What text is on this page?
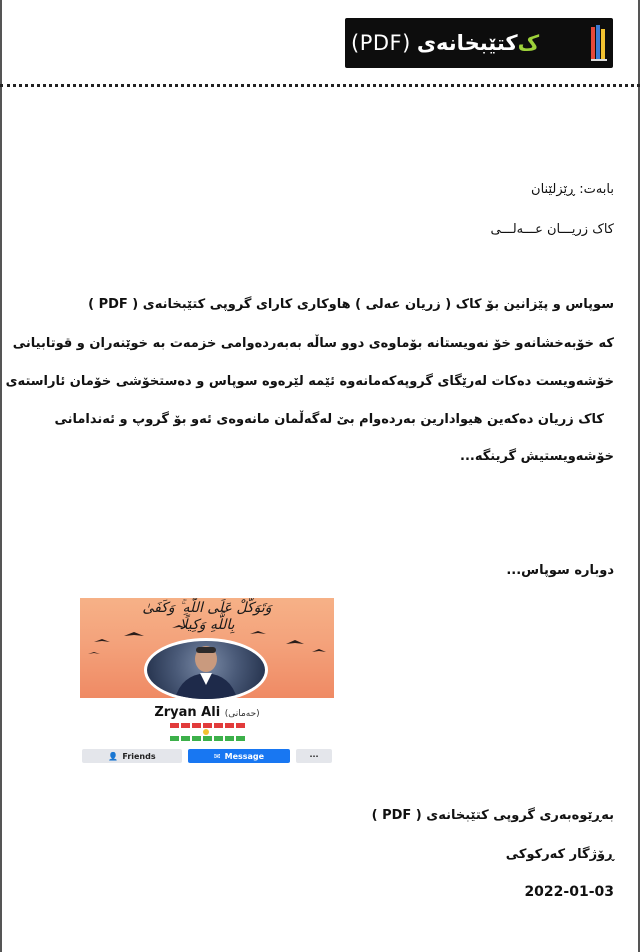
(PDF) کتێبخانەی ک
بابەت: ڕێزلێنان
کاک زریـــان عـــەلـــی
سوپاس و پێزانین بۆ کاک ( زریان عەلی ) هاوکاری کارای گروپی کتێبخانەی ( PDF )
کە خۆبەخشانەو خۆ نەویستانە بۆماوەی دوو ساڵە بەبەردەوامی خزمەت بە خوێنەران و قوتابیانی
خۆشەویست دەکات لەرێگای گروپەکەمانەوە ئێمە لێرەوە سوپاس و دەستخۆشی خۆمان ئاراستەی
کاک زریان دەکەین هیوادارین بەردەوام بێ لەگەڵمان مانەوەی ئەو بۆ گروپ و ئەندامانی
خۆشەویستیش گرینگە...
دوبارە سوپاس...
وَتَوَكَّلْ عَلَى اللَّهِ ۚ وَكَفَىٰ
بِاللَّهِ وَكِيلًا
Zryan Ali (حەمانی)
👤 Friends	✉ Message	···
بەڕێوەبەری گروپی کتێبخانەی ( PDF )
ڕۆژگار کەرکوکی
2022-01-03
